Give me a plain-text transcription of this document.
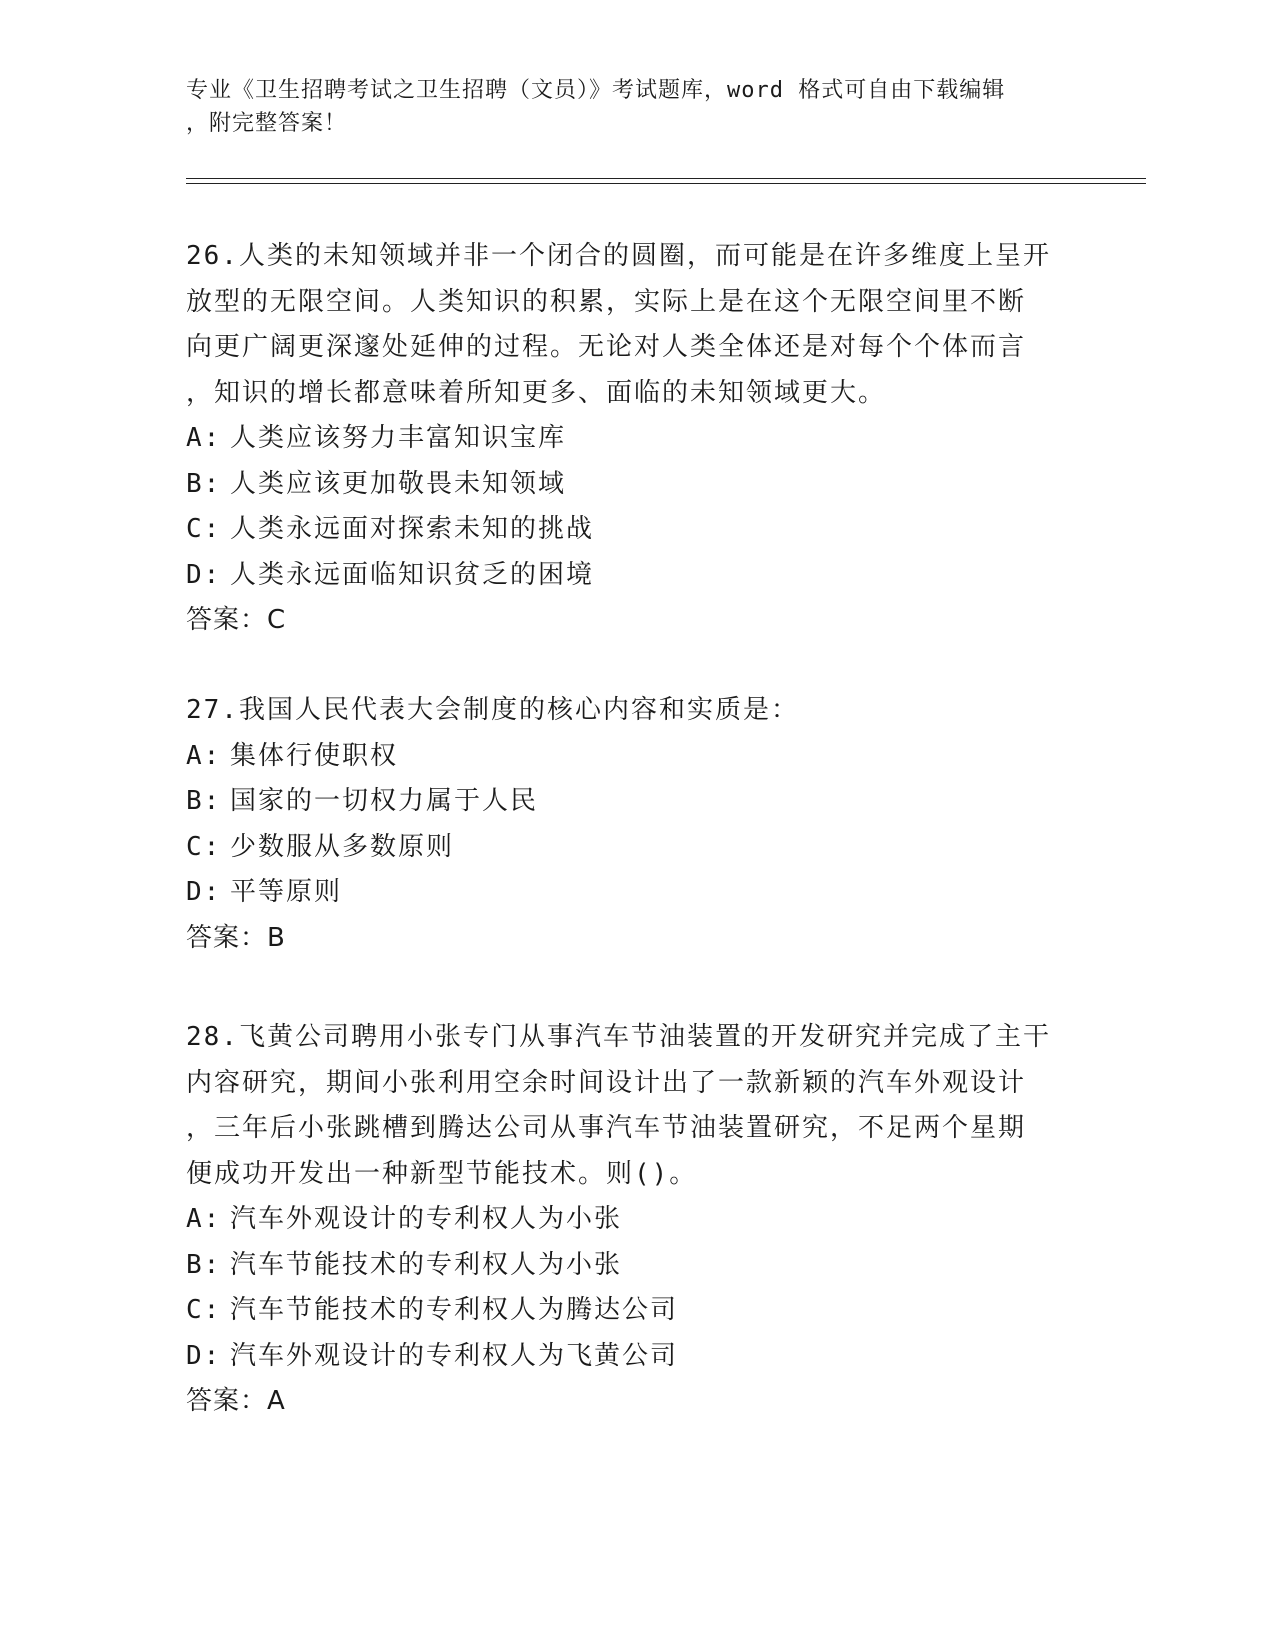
专业《卫生招聘考试之卫生招聘（文员）》考试题库，word 格式可自由下载编辑
，附完整答案！
26.人类的未知领域并非一个闭合的圆圈，而可能是在许多维度上呈开
放型的无限空间。人类知识的积累，实际上是在这个无限空间里不断
向更广阔更深邃处延伸的过程。无论对人类全体还是对每个个体而言
，知识的增长都意味着所知更多、面临的未知领域更大。
A: 人类应该努力丰富知识宝库
B: 人类应该更加敬畏未知领域
C: 人类永远面对探索未知的挑战
D: 人类永远面临知识贫乏的困境
答案：C
27.我国人民代表大会制度的核心内容和实质是：
A: 集体行使职权
B: 国家的一切权力属于人民
C: 少数服从多数原则
D: 平等原则
答案：B
28.飞黄公司聘用小张专门从事汽车节油装置的开发研究并完成了主干
内容研究，期间小张利用空余时间设计出了一款新颖的汽车外观设计
，三年后小张跳槽到腾达公司从事汽车节油装置研究，不足两个星期
便成功开发出一种新型节能技术。则()。
A: 汽车外观设计的专利权人为小张
B: 汽车节能技术的专利权人为小张
C: 汽车节能技术的专利权人为腾达公司
D: 汽车外观设计的专利权人为飞黄公司
答案：A
